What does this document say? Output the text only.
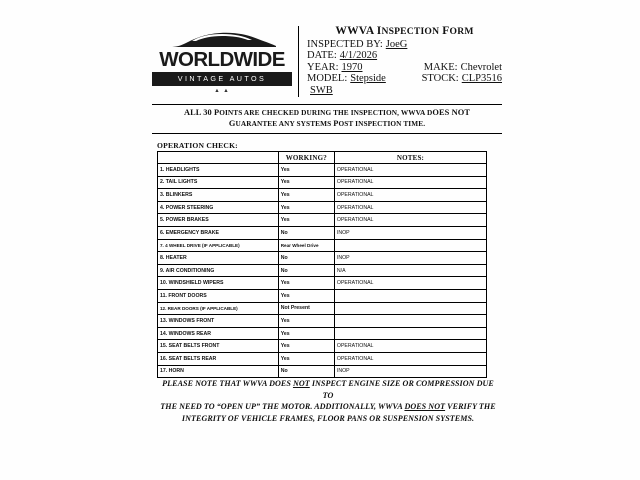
WORLDWIDE
VINTAGE AUTOS
▲ ▲
WWVA INSPECTION FORM
INSPECTED BY: JoeG
DATE: 4/1/2026
YEAR: 1970	MAKE: Chevrolet
MODEL: Stepside	STOCK: CLP3516
SWB
ALL 30 POINTS ARE CHECKED DURING THE INSPECTION, WWVA DOES NOT
GUARANTEE ANY SYSTEMS POST INSPECTION TIME.
OPERATION CHECK:
	WORKING?	NOTES:
1. HEADLIGHTS	Yes	OPERATIONAL
2. TAIL LIGHTS	Yes	OPERATIONAL
3. BLINKERS	Yes	OPERATIONAL
4. POWER STEERING	Yes	OPERATIONAL
5. POWER BRAKES	Yes	OPERATIONAL
6. EMERGENCY BRAKE	No	INOP
7. 4 WHEEL DRIVE (IF APPLICABLE)	Rear Wheel Drive	
8. HEATER	No	INOP
9. AIR CONDITIONING	No	N/A
10. WINDSHIELD WIPERS	Yes	OPERATIONAL
11. FRONT DOORS	Yes	
12. REAR DOORS (IF APPLICABLE)	Not Present	
13. WINDOWS FRONT	Yes	
14. WINDOWS REAR	Yes	
15. SEAT BELTS FRONT	Yes	OPERATIONAL
16. SEAT BELTS REAR	Yes	OPERATIONAL
17. HORN	No	INOP
PLEASE NOTE THAT WWVA DOES NOT INSPECT ENGINE SIZE OR COMPRESSION DUE TO
THE NEED TO “OPEN UP” THE MOTOR. ADDITIONALLY, WWVA DOES NOT VERIFY THE
INTEGRITY OF VEHICLE FRAMES, FLOOR PANS OR SUSPENSION SYSTEMS.
